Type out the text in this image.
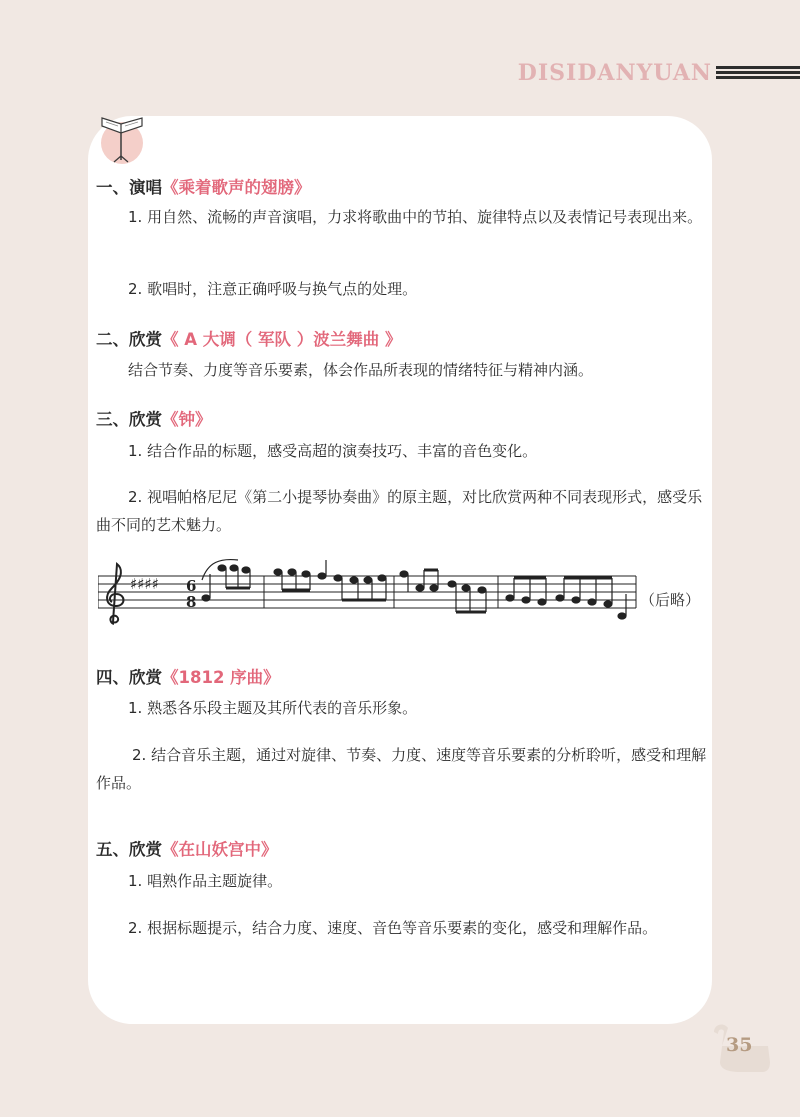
DISIDANYUAN

一、演唱《乘着歌声的翅膀》

1. 用自然、流畅的声音演唱，力求将歌曲中的节拍、旋律特点以及表情记号表现出来。

2. 歌唱时，注意正确呼吸与换气点的处理。

二、欣赏《 A 大调（ 军队 ）波兰舞曲 》

结合节奏、力度等音乐要素，体会作品所表现的情绪特征与精神内涵。

三、欣赏《钟》

1. 结合作品的标题，感受高超的演奏技巧、丰富的音色变化。

2. 视唱帕格尼尼《第二小提琴协奏曲》的原主题，对比欣赏两种不同表现形式，感受乐曲不同的艺术魅力。

♯♯♯♯ 6
8	（后略）

四、欣赏《1812 序曲》

1. 熟悉各乐段主题及其所代表的音乐形象。

2. 结合音乐主题，通过对旋律、节奏、力度、速度等音乐要素的分析聆听，感受和理解作品。

五、欣赏《在山妖宫中》

1. 唱熟作品主题旋律。

2. 根据标题提示，结合力度、速度、音色等音乐要素的变化，感受和理解作品。

35
